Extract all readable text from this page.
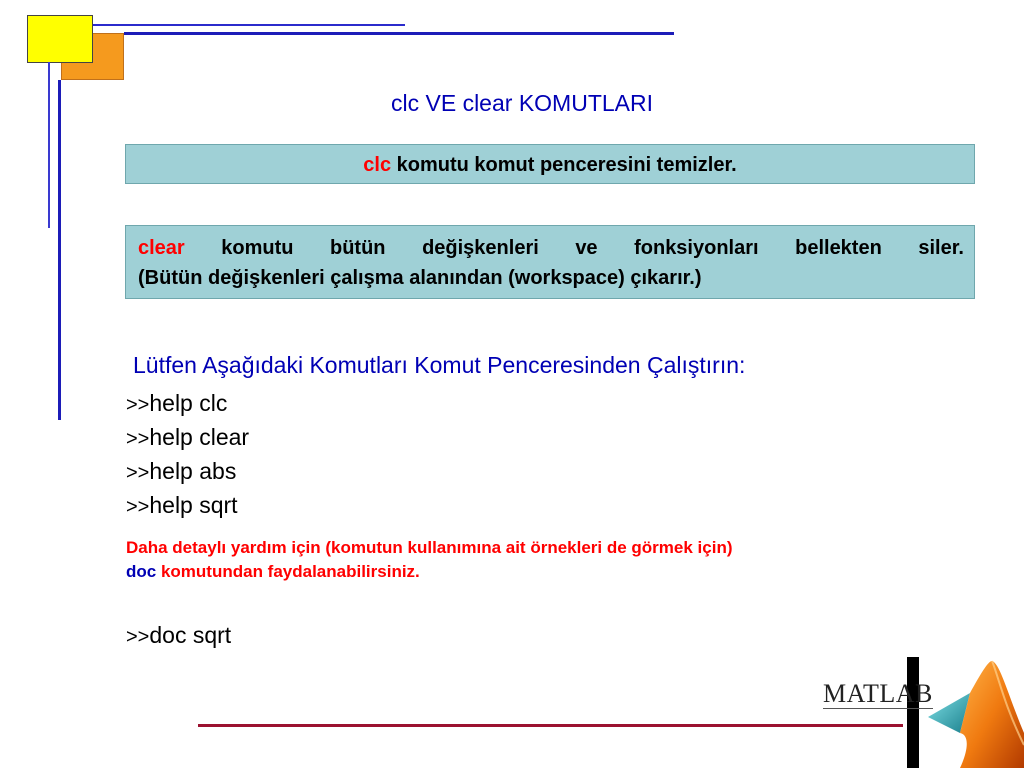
clc VE clear KOMUTLARI
clc komutu komut penceresini temizler.
clear komutu bütün değişkenleri ve fonksiyonları bellekten siler.
(Bütün değişkenleri çalışma alanından (workspace) çıkarır.)
Lütfen Aşağıdaki Komutları Komut Penceresinden Çalıştırın:
>>help clc
>>help clear
>>help abs
>>help sqrt
Daha detaylı yardım için (komutun kullanımına ait örnekleri de görmek için)
doc komutundan faydalanabilirsiniz.
>>doc sqrt
MATLAB
